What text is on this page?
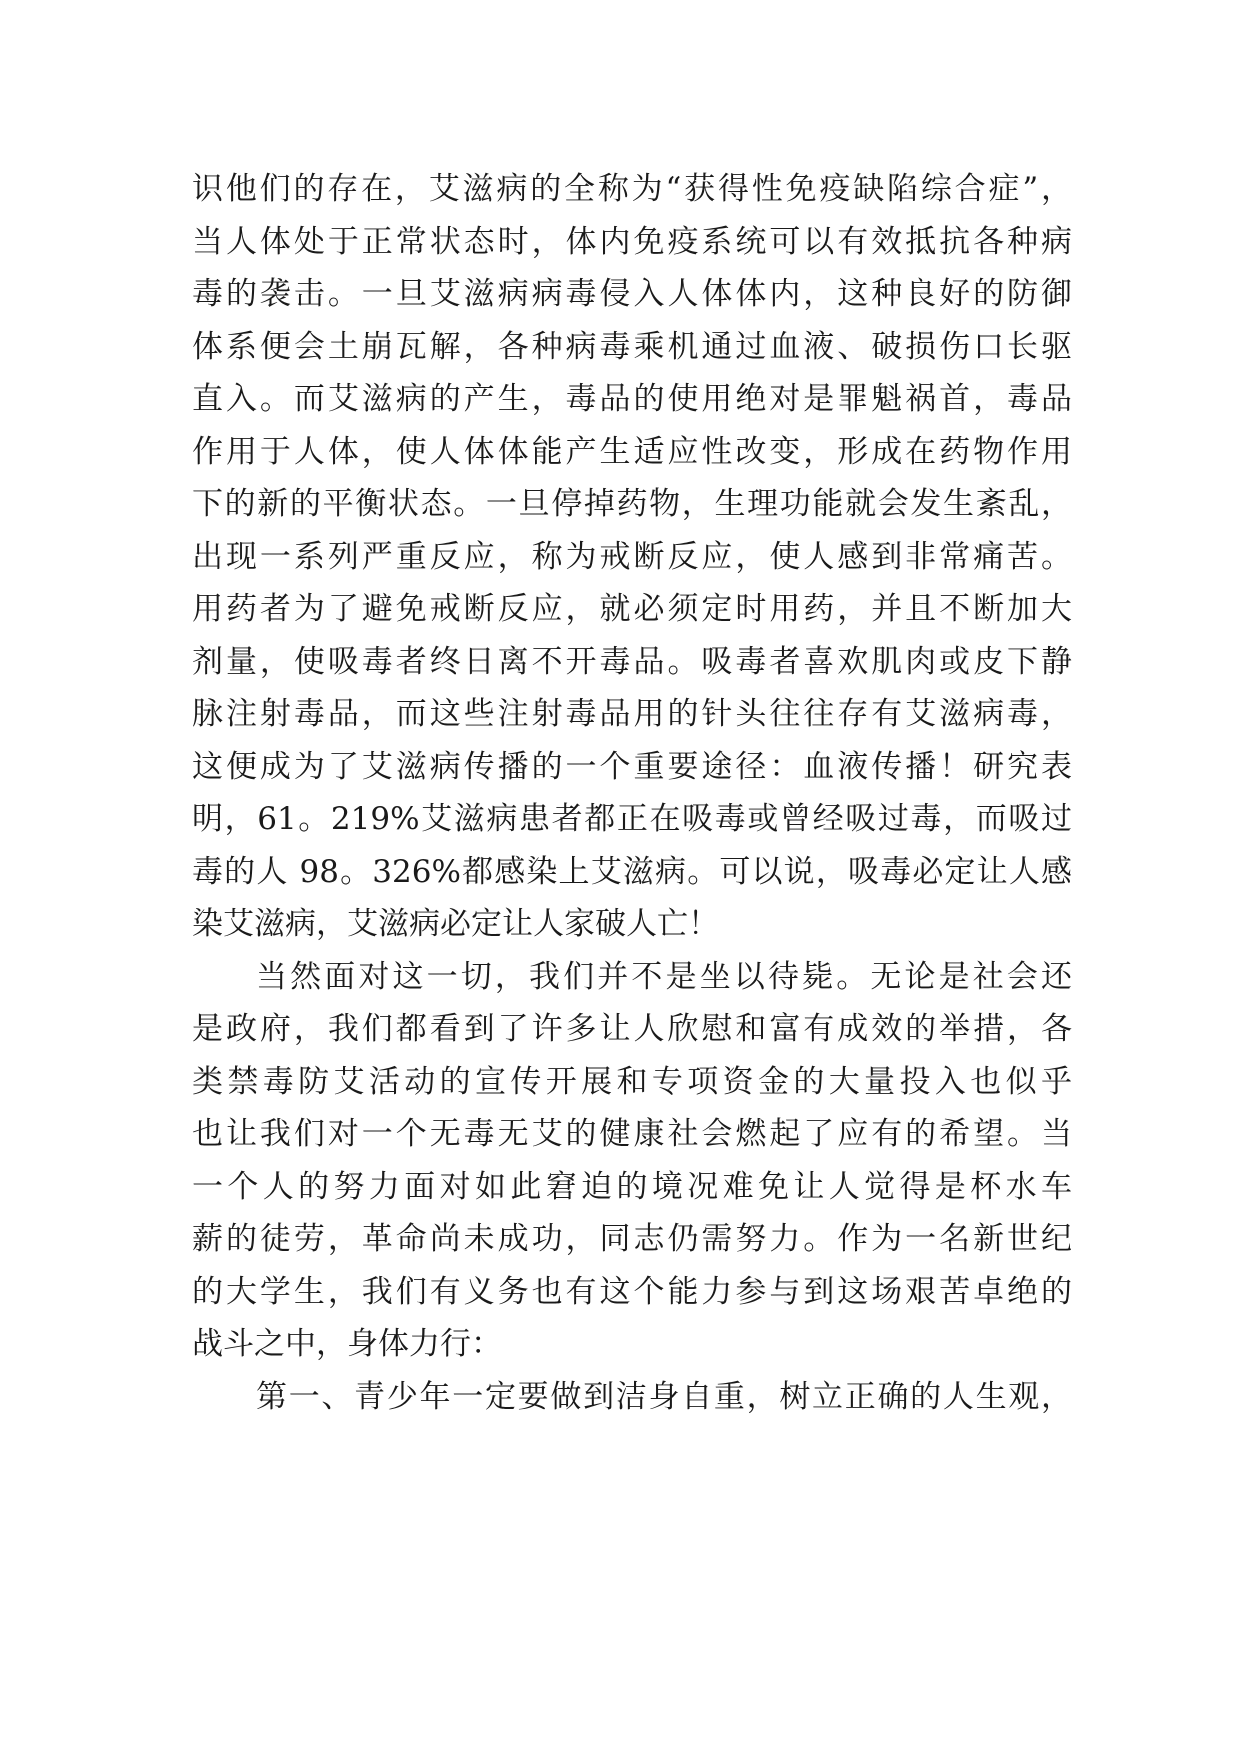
识他们的存在，艾滋病的全称为“获得性免疫缺陷综合症”，
当人体处于正常状态时，体内免疫系统可以有效抵抗各种病
毒的袭击。一旦艾滋病病毒侵入人体体内，这种良好的防御
体系便会土崩瓦解，各种病毒乘机通过血液、破损伤口长驱
直入。而艾滋病的产生，毒品的使用绝对是罪魁祸首，毒品
作用于人体，使人体体能产生适应性改变，形成在药物作用
下的新的平衡状态。一旦停掉药物，生理功能就会发生紊乱，
出现一系列严重反应，称为戒断反应，使人感到非常痛苦。
用药者为了避免戒断反应，就必须定时用药，并且不断加大
剂量，使吸毒者终日离不开毒品。吸毒者喜欢肌肉或皮下静
脉注射毒品，而这些注射毒品用的针头往往存有艾滋病毒，
这便成为了艾滋病传播的一个重要途径：血液传播！研究表
明，61。219%艾滋病患者都正在吸毒或曾经吸过毒，而吸过
毒的人 98。326%都感染上艾滋病。可以说，吸毒必定让人感
染艾滋病，艾滋病必定让人家破人亡！
当然面对这一切，我们并不是坐以待毙。无论是社会还
是政府，我们都看到了许多让人欣慰和富有成效的举措，各
类禁毒防艾活动的宣传开展和专项资金的大量投入也似乎
也让我们对一个无毒无艾的健康社会燃起了应有的希望。当
一个人的努力面对如此窘迫的境况难免让人觉得是杯水车
薪的徒劳，革命尚未成功，同志仍需努力。作为一名新世纪
的大学生，我们有义务也有这个能力参与到这场艰苦卓绝的
战斗之中，身体力行：
第一、青少年一定要做到洁身自重，树立正确的人生观，
